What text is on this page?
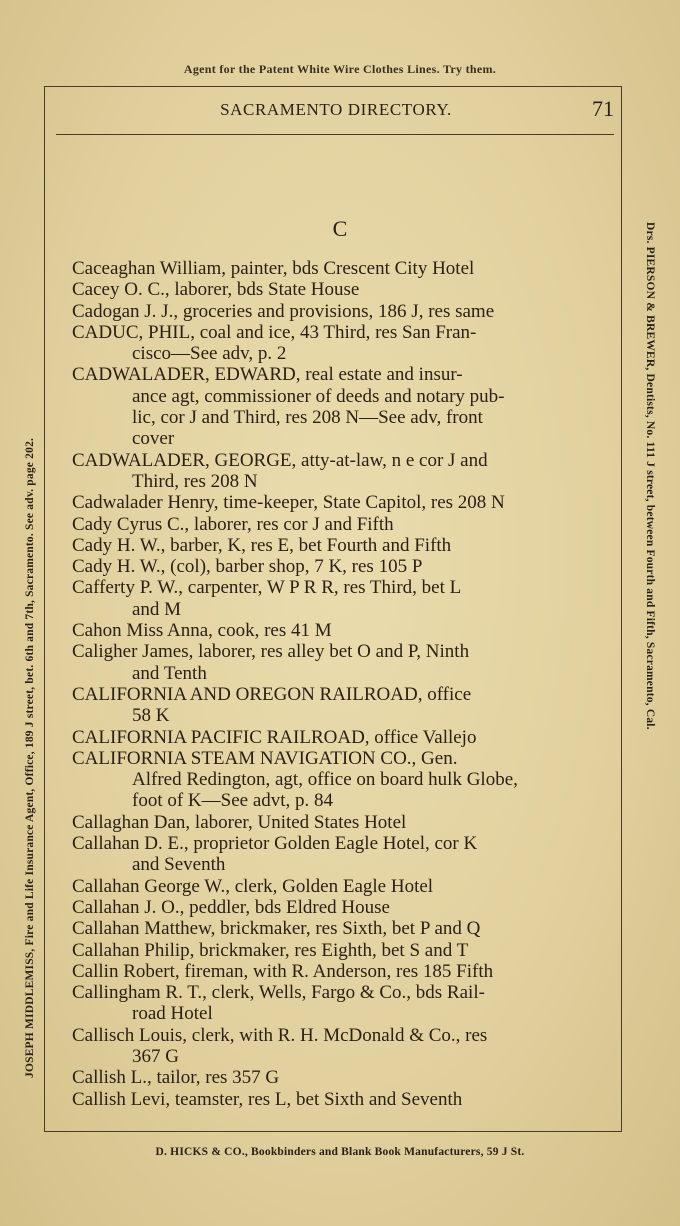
Agent for the Patent White Wire Clothes Lines. Try them.
SACRAMENTO DIRECTORY.	71
C

Caceaghan William, painter, bds Crescent City Hotel

Cacey O. C., laborer, bds State House

Cadogan J. J., groceries and provisions, 186 J, res same

CADUC, PHIL, coal and ice, 43 Third, res San Fran-
cisco—See adv, p. 2

CADWALADER, EDWARD, real estate and insur-
ance agt, commissioner of deeds and notary pub-
lic, cor J and Third, res 208 N—See adv, front
cover

CADWALADER, GEORGE, atty-at-law, n e cor J and
Third, res 208 N

Cadwalader Henry, time-keeper, State Capitol, res 208 N

Cady Cyrus C., laborer, res cor J and Fifth

Cady H. W., barber, K, res E, bet Fourth and Fifth

Cady H. W., (col), barber shop, 7 K, res 105 P

Cafferty P. W., carpenter, W P R R, res Third, bet L
and M

Cahon Miss Anna, cook, res 41 M

Caligher James, laborer, res alley bet O and P, Ninth
and Tenth

CALIFORNIA AND OREGON RAILROAD, office
58 K

CALIFORNIA PACIFIC RAILROAD, office Vallejo

CALIFORNIA STEAM NAVIGATION CO., Gen.
Alfred Redington, agt, office on board hulk Globe,
foot of K—See advt, p. 84

Callaghan Dan, laborer, United States Hotel

Callahan D. E., proprietor Golden Eagle Hotel, cor K
and Seventh

Callahan George W., clerk, Golden Eagle Hotel

Callahan J. O., peddler, bds Eldred House

Callahan Matthew, brickmaker, res Sixth, bet P and Q

Callahan Philip, brickmaker, res Eighth, bet S and T

Callin Robert, fireman, with R. Anderson, res 185 Fifth

Callingham R. T., clerk, Wells, Fargo & Co., bds Rail-
road Hotel

Callisch Louis, clerk, with R. H. McDonald & Co., res
367 G

Callish L., tailor, res 357 G

Callish Levi, teamster, res L, bet Sixth and Seventh

JOSEPH MIDDLEMISS, Fire and Life Insurance Agent, Office, 189 J street, bet. 6th and 7th, Sacramento. See adv. page 202.	Drs. PIERSON & BREWER, Dentists, No. 111 J street, between Fourth and Fifth, Sacramento, Cal.
D. HICKS & CO., Bookbinders and Blank Book Manufacturers, 59 J St.
